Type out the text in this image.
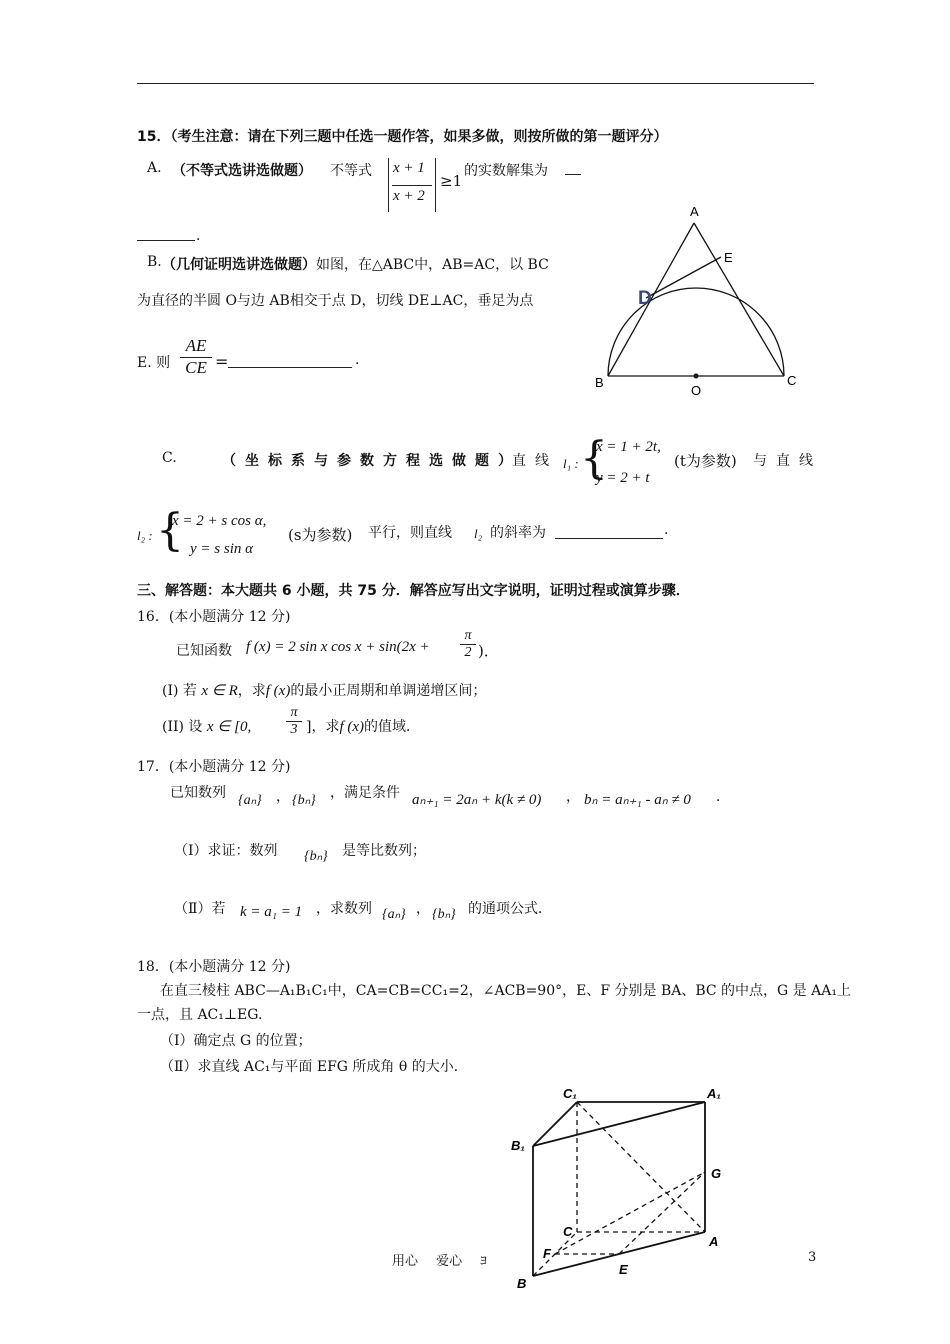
15．（考生注意：请在下列三题中任选一题作答，如果多做，则按所做的第一题评分）
A. （不等式选讲选做题） 不等式 x + 1
x + 2
≥1
的实数解集为
.
B. （几何证明选讲选做题）如图，在△ABC中，AB=AC，以 BC
为直径的半圆 O与边 AB相交于点 D，切线 DE⊥AC，垂足为点
E. 则 $\frac{AE}{CE}$ =	.
A
E
D
B
O
C
C.	（坐标系与参数方程选做题）
直线 l₁ : {
x = 1 + 2t,
y = 2 + t
(t为参数) 与直线
l₂ : {
x = 2 + s cos α,
y = s sin α
(s为参数) 平行，则直线 l₂ 的斜率为	.
三、解答题：本大题共 6 小题，共 75 分．解答应写出文字说明，证明过程或演算步骤．
16．(本小题满分 12 分)
已知函数 f (x) = 2 sin x cos x + sin(2x +
π
2 )．
(I) 若 x ∈ R，求f (x)的最小正周期和单调递增区间；
(II) 设 x ∈ [0,
π
3 ]，求f (x)的值域．
17．(本小题满分 12 分)
已知数列 {aₙ} ， {bₙ} ，满足条件 aₙ₊₁ = 2aₙ + k(k ≠ 0) ， bₙ = aₙ₊₁ - aₙ ≠ 0 ．
（Ⅰ）求证：数列 {bₙ} 是等比数列；
（Ⅱ）若 k = a₁ = 1 ，求数列 {aₙ} ， {bₙ} 的通项公式．
18．(本小题满分 12 分)
在直三棱柱 ABC—A₁B₁C₁中，CA=CB=CC₁=2，∠ACB=90°，E、F 分别是 BA、BC 的中点，G 是 AA₁上
一点，且 AC₁⊥EG.
（Ⅰ）确定点 G 的位置；
（Ⅱ）求直线 AC₁与平面 EFG 所成角 θ 的大小．
C₁	A₁
B₁
G
C
A
F
E
B
用心 爱心 ﾖ	3
